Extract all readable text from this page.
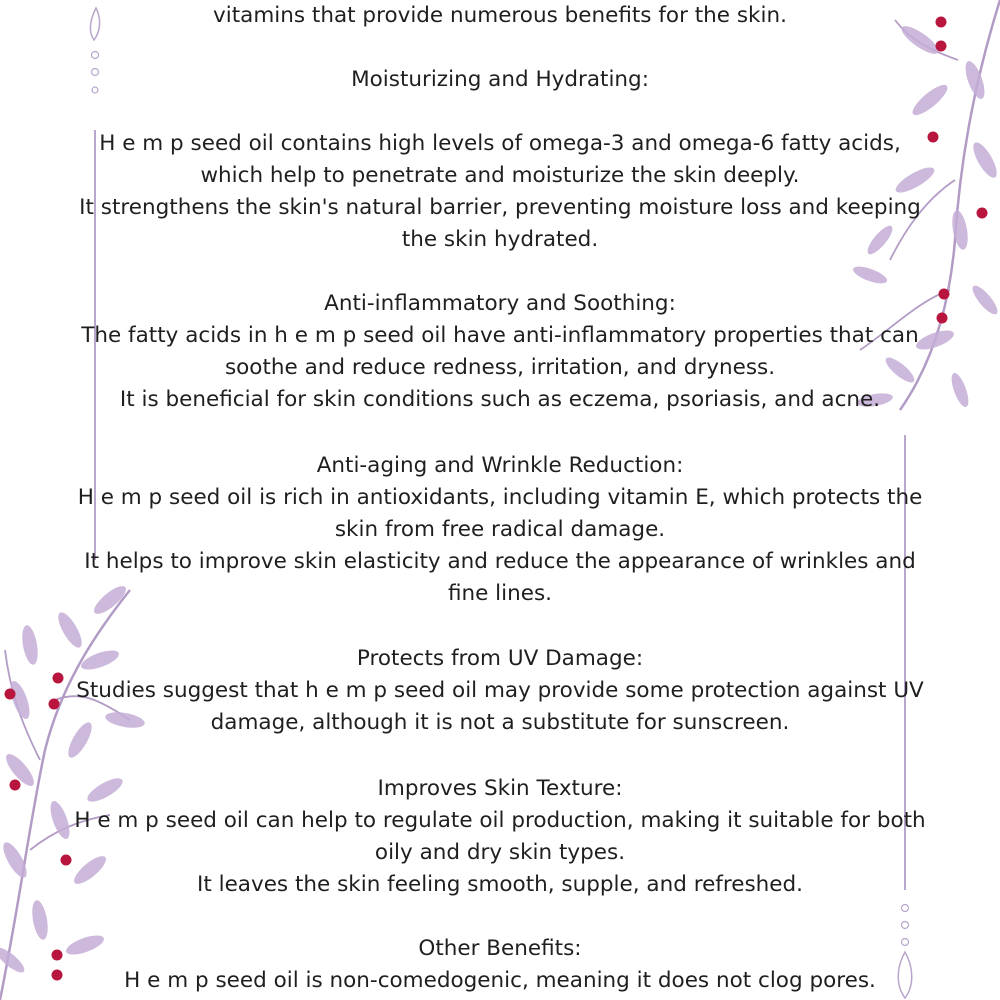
vitamins that provide numerous benefits for the skin.
Moisturizing and Hydrating:
H e m p seed oil contains high levels of omega-3 and omega-6 fatty acids,
which help to penetrate and moisturize the skin deeply.
It strengthens the skin's natural barrier, preventing moisture loss and keeping
the skin hydrated.
Anti-inflammatory and Soothing:
The fatty acids in h e m p seed oil have anti-inflammatory properties that can
soothe and reduce redness, irritation, and dryness.
It is beneficial for skin conditions such as eczema, psoriasis, and acne.
Anti-aging and Wrinkle Reduction:
H e m p seed oil is rich in antioxidants, including vitamin E, which protects the
skin from free radical damage.
It helps to improve skin elasticity and reduce the appearance of wrinkles and
fine lines.
Protects from UV Damage:
Studies suggest that h e m p seed oil may provide some protection against UV
damage, although it is not a substitute for sunscreen.
Improves Skin Texture:
H e m p seed oil can help to regulate oil production, making it suitable for both
oily and dry skin types.
It leaves the skin feeling smooth, supple, and refreshed.
Other Benefits:
H e m p seed oil is non-comedogenic, meaning it does not clog pores.
